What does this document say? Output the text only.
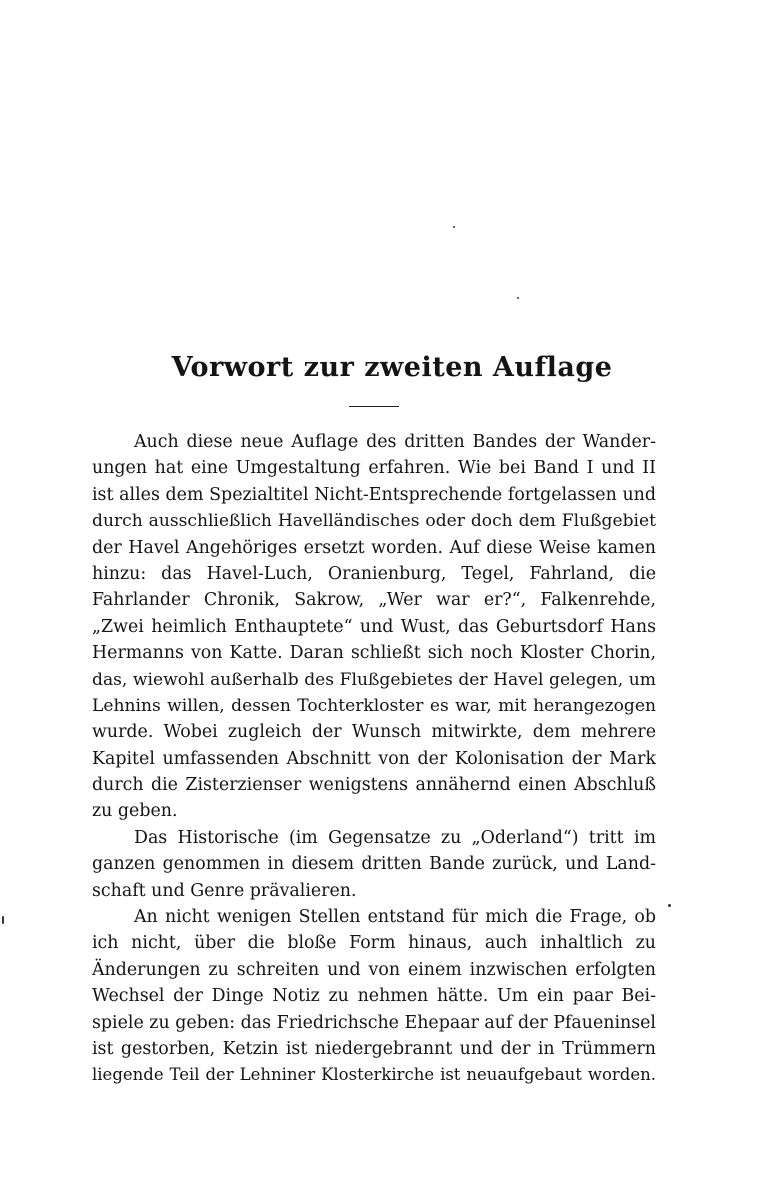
Vorwort zur zweiten Auflage
Auch diese neue Auflage des dritten Bandes der Wander-
ungen hat eine Umgestaltung erfahren. Wie bei Band I und II
ist alles dem Spezialtitel Nicht-Entsprechende fortgelassen und
durch ausschließlich Havelländisches oder doch dem Flußgebiet
der Havel Angehöriges ersetzt worden. Auf diese Weise kamen
hinzu: das Havel-Luch, Oranienburg, Tegel, Fahrland, die
Fahrlander Chronik, Sakrow, „Wer war er?“, Falkenrehde,
„Zwei heimlich Enthauptete“ und Wust, das Geburtsdorf Hans
Hermanns von Katte. Daran schließt sich noch Kloster Chorin,
das, wiewohl außerhalb des Flußgebietes der Havel gelegen, um
Lehnins willen, dessen Tochterkloster es war, mit herangezogen
wurde. Wobei zugleich der Wunsch mitwirkte, dem mehrere
Kapitel umfassenden Abschnitt von der Kolonisation der Mark
durch die Zisterzienser wenigstens annähernd einen Abschluß
zu geben.
Das Historische (im Gegensatze zu „Oderland“) tritt im
ganzen genommen in diesem dritten Bande zurück, und Land-
schaft und Genre prävalieren.
An nicht wenigen Stellen entstand für mich die Frage, ob
ich nicht, über die bloße Form hinaus, auch inhaltlich zu
Änderungen zu schreiten und von einem inzwischen erfolgten
Wechsel der Dinge Notiz zu nehmen hätte. Um ein paar Bei-
spiele zu geben: das Friedrichsche Ehepaar auf der Pfaueninsel
ist gestorben, Ketzin ist niedergebrannt und der in Trümmern
liegende Teil der Lehniner Klosterkirche ist neuaufgebaut worden.
